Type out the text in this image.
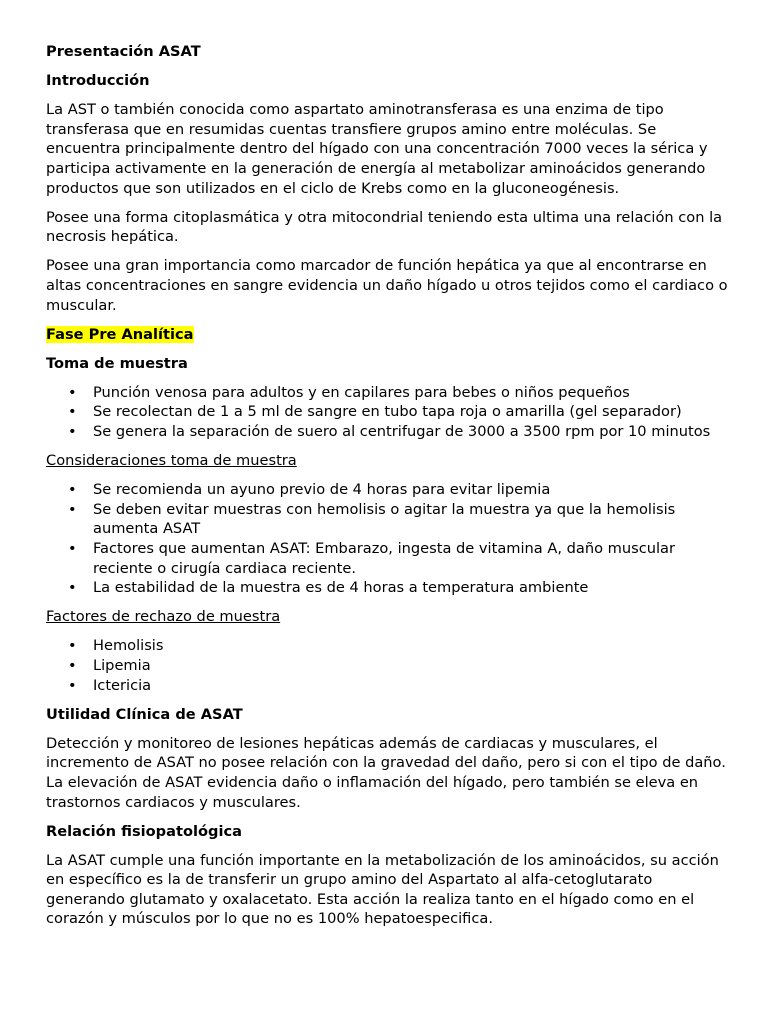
Presentación ASAT
Introducción
La AST o también conocida como aspartato aminotransferasa es una enzima de tipo transferasa que en resumidas cuentas transfiere grupos amino entre moléculas. Se encuentra principalmente dentro del hígado con una concentración 7000 veces la sérica y participa activamente en la generación de energía al metabolizar aminoácidos generando productos que son utilizados en el ciclo de Krebs como en la gluconeogénesis.
Posee una forma citoplasmática y otra mitocondrial teniendo esta ultima una relación con la necrosis hepática.
Posee una gran importancia como marcador de función hepática ya que al encontrarse en altas concentraciones en sangre evidencia un daño hígado u otros tejidos como el cardiaco o muscular.
Fase Pre Analítica
Toma de muestra
• Punción venosa para adultos y en capilares para bebes o niños pequeños
• Se recolectan de 1 a 5 ml de sangre en tubo tapa roja o amarilla (gel separador)
• Se genera la separación de suero al centrifugar de 3000 a 3500 rpm por 10 minutos
Consideraciones toma de muestra
• Se recomienda un ayuno previo de 4 horas para evitar lipemia
• Se deben evitar muestras con hemolisis o agitar la muestra ya que la hemolisis aumenta ASAT
• Factores que aumentan ASAT: Embarazo, ingesta de vitamina A, daño muscular reciente o cirugía cardiaca reciente.
• La estabilidad de la muestra es de 4 horas a temperatura ambiente
Factores de rechazo de muestra
• Hemolisis
• Lipemia
• Ictericia
Utilidad Clínica de ASAT
Detección y monitoreo de lesiones hepáticas además de cardiacas y musculares, el incremento de ASAT no posee relación con la gravedad del daño, pero si con el tipo de daño. La elevación de ASAT evidencia daño o inflamación del hígado, pero también se eleva en trastornos cardiacos y musculares.
Relación fisiopatológica
La ASAT cumple una función importante en la metabolización de los aminoácidos, su acción en específico es la de transferir un grupo amino del Aspartato al alfa-cetoglutarato generando glutamato y oxalacetato. Esta acción la realiza tanto en el hígado como en el corazón y músculos por lo que no es 100% hepatoespecifica.
